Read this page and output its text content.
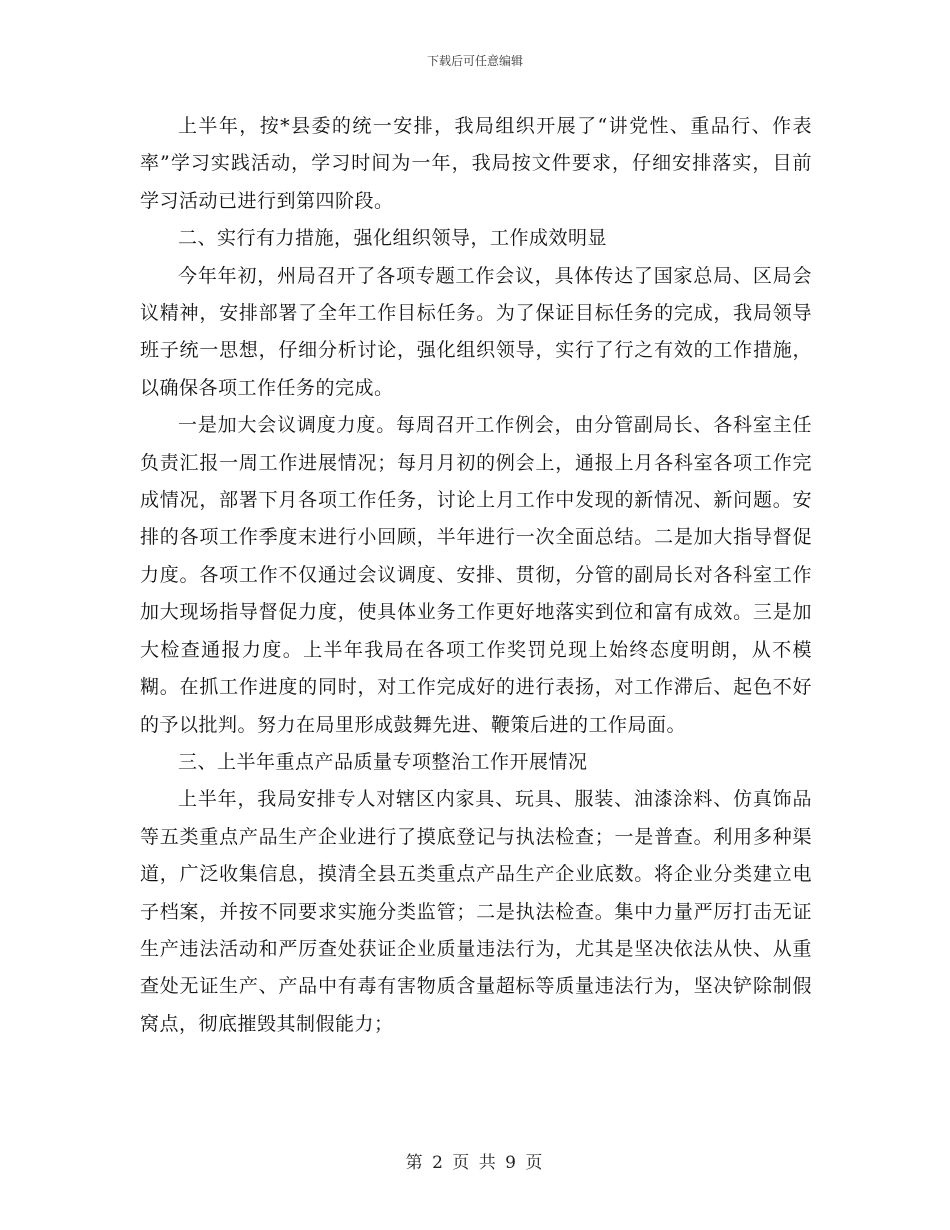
下载后可任意编辑

上半年，按*县委的统一安排，我局组织开展了“讲党性、重品行、作表率”学习实践活动，学习时间为一年，我局按文件要求，仔细安排落实，目前学习活动已进行到第四阶段。

二、实行有力措施，强化组织领导，工作成效明显

今年年初，州局召开了各项专题工作会议，具体传达了国家总局、区局会议精神，安排部署了全年工作目标任务。为了保证目标任务的完成，我局领导班子统一思想，仔细分析讨论，强化组织领导，实行了行之有效的工作措施，以确保各项工作任务的完成。

一是加大会议调度力度。每周召开工作例会，由分管副局长、各科室主任负责汇报一周工作进展情况；每月月初的例会上，通报上月各科室各项工作完成情况，部署下月各项工作任务，讨论上月工作中发现的新情况、新问题。安排的各项工作季度末进行小回顾，半年进行一次全面总结。二是加大指导督促力度。各项工作不仅通过会议调度、安排、贯彻，分管的副局长对各科室工作加大现场指导督促力度，使具体业务工作更好地落实到位和富有成效。三是加大检查通报力度。上半年我局在各项工作奖罚兑现上始终态度明朗，从不模糊。在抓工作进度的同时，对工作完成好的进行表扬，对工作滞后、起色不好的予以批判。努力在局里形成鼓舞先进、鞭策后进的工作局面。

三、上半年重点产品质量专项整治工作开展情况

上半年，我局安排专人对辖区内家具、玩具、服装、油漆涂料、仿真饰品等五类重点产品生产企业进行了摸底登记与执法检查；一是普查。利用多种渠道，广泛收集信息，摸清全县五类重点产品生产企业底数。将企业分类建立电子档案，并按不同要求实施分类监管；二是执法检查。集中力量严厉打击无证生产违法活动和严厉查处获证企业质量违法行为，尤其是坚决依法从快、从重查处无证生产、产品中有毒有害物质含量超标等质量违法行为，坚决铲除制假窝点，彻底摧毁其制假能力；

第 2 页 共 9 页
